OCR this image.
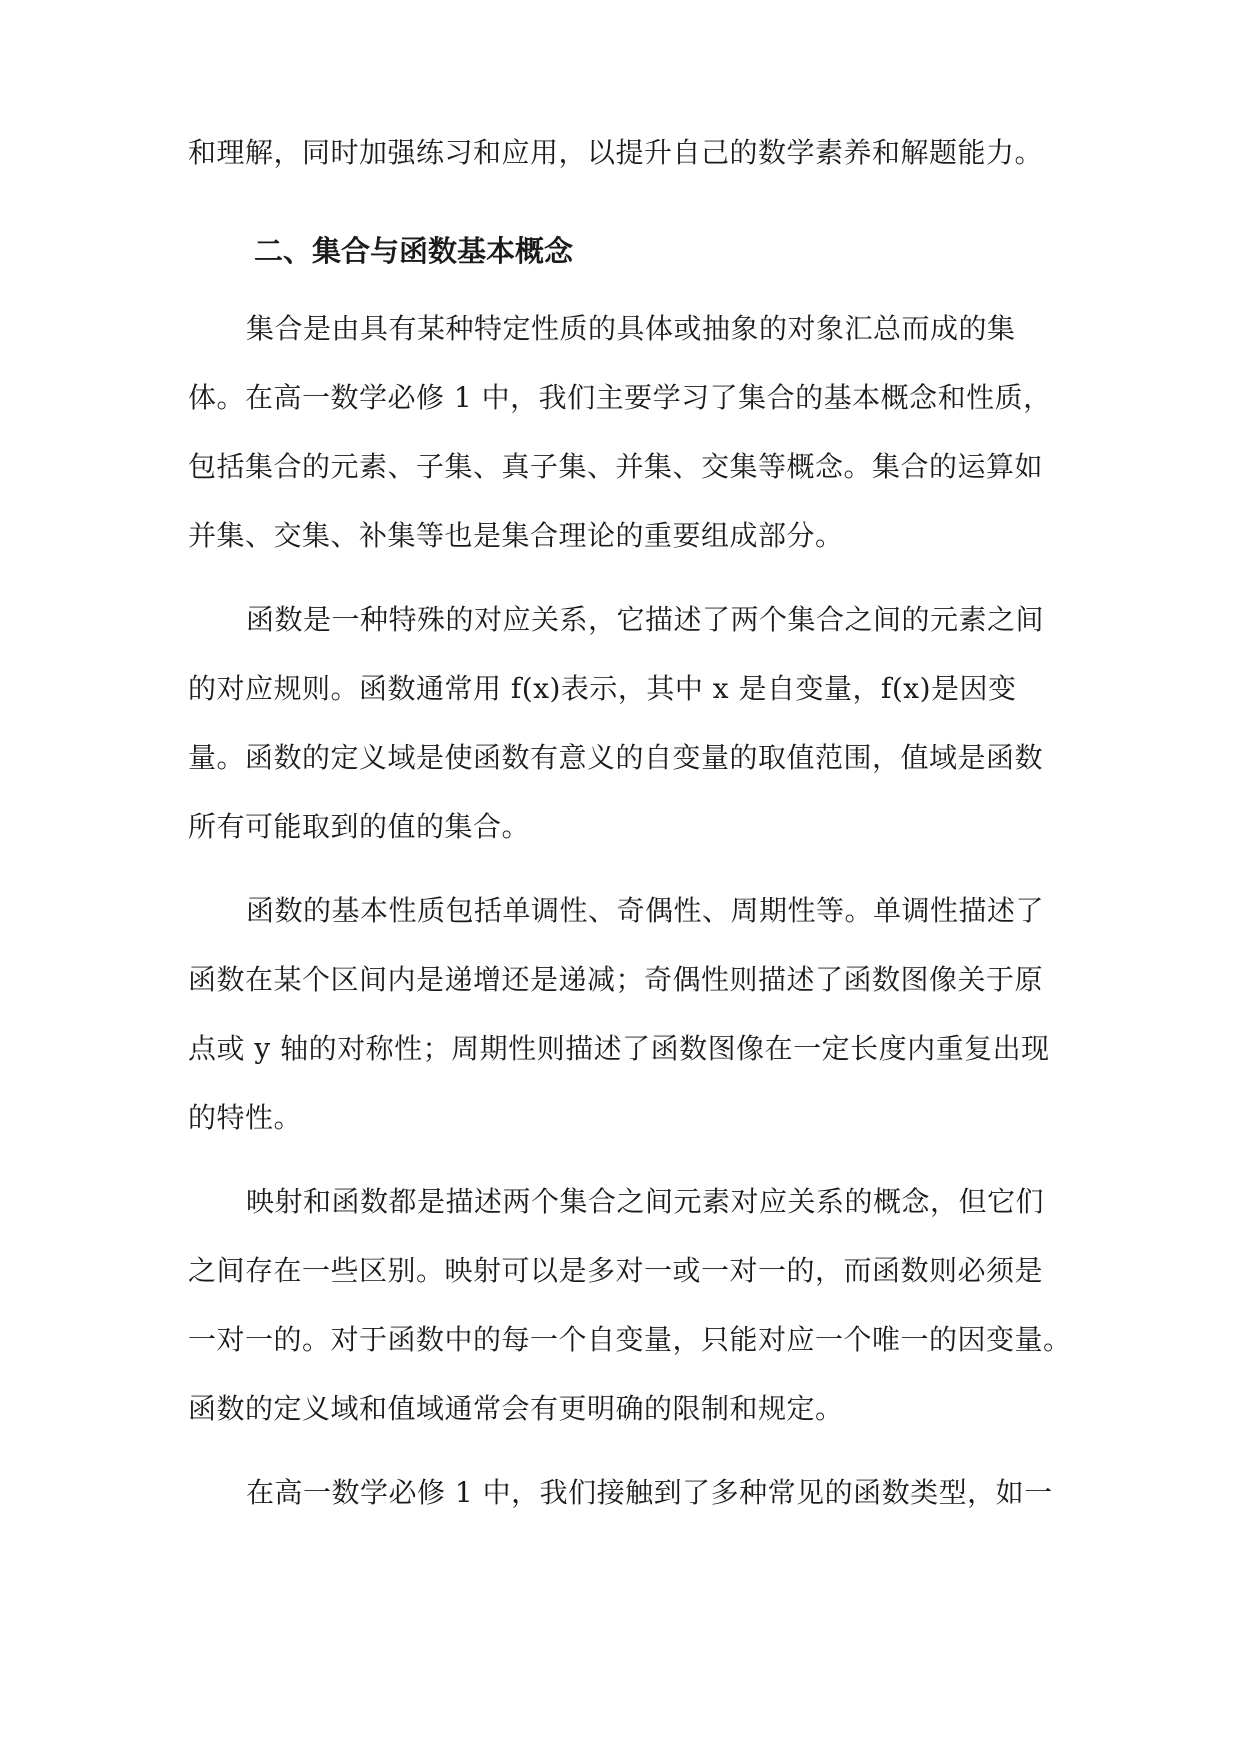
和理解，同时加强练习和应用，以提升自己的数学素养和解题能力。
二、集合与函数基本概念
集合是由具有某种特定性质的具体或抽象的对象汇总而成的集
体。在高一数学必修 1 中，我们主要学习了集合的基本概念和性质，
包括集合的元素、子集、真子集、并集、交集等概念。集合的运算如
并集、交集、补集等也是集合理论的重要组成部分。
函数是一种特殊的对应关系，它描述了两个集合之间的元素之间
的对应规则。函数通常用 f(x)表示，其中 x 是自变量，f(x)是因变
量。函数的定义域是使函数有意义的自变量的取值范围，值域是函数
所有可能取到的值的集合。
函数的基本性质包括单调性、奇偶性、周期性等。单调性描述了
函数在某个区间内是递增还是递减；奇偶性则描述了函数图像关于原
点或 y 轴的对称性；周期性则描述了函数图像在一定长度内重复出现
的特性。
映射和函数都是描述两个集合之间元素对应关系的概念，但它们
之间存在一些区别。映射可以是多对一或一对一的，而函数则必须是
一对一的。对于函数中的每一个自变量，只能对应一个唯一的因变量。
函数的定义域和值域通常会有更明确的限制和规定。
在高一数学必修 1 中，我们接触到了多种常见的函数类型，如一
